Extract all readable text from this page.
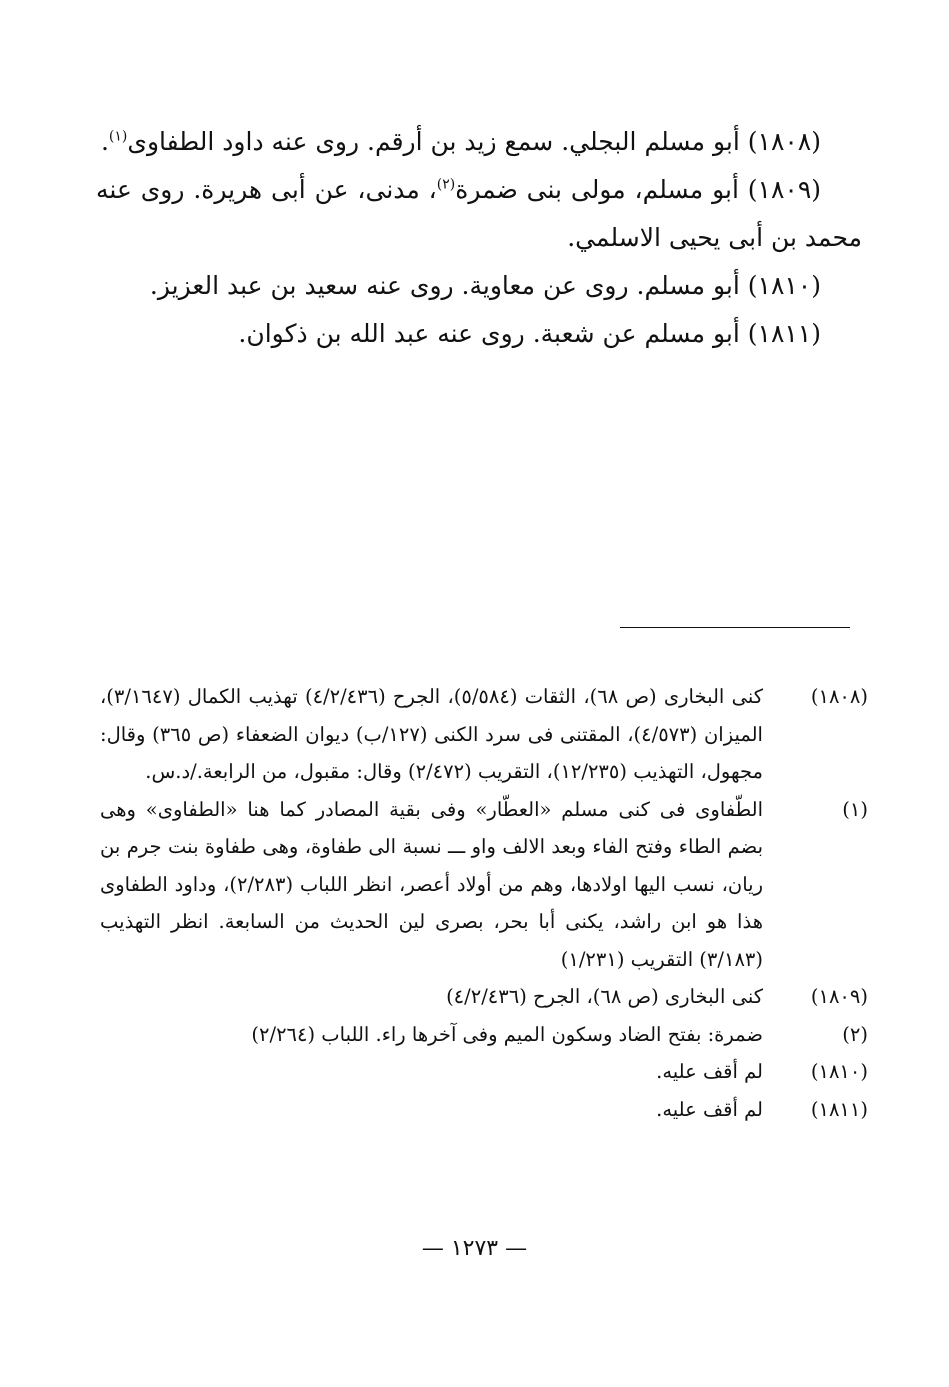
(١٨٠٨) أبو مسلم البجلي. سمع زيد بن أرقم. روى عنه داود الطفاوى$^{(١)}$.

(١٨٠٩) أبو مسلم، مولى بنى ضمرة$^{(٢)}$، مدنى، عن أبى هريرة. روى عنه محمد بن أبى يحيى الاسلمي.

(١٨١٠) أبو مسلم. روى عن معاوية. روى عنه سعيد بن عبد العزيز.

(١٨١١) أبو مسلم عن شعبة. روى عنه عبد الله بن ذكوان.

(١٨٠٨)
كنى البخارى (ص ٦٨)، الثقات (٥/٥٨٤)، الجرح (٤/٢/٤٣٦) تهذيب الكمال (٣/١٦٤٧)، الميزان (٤/٥٧٣)، المقتنى فى سرد الكنى (١٢٧/ب) ديوان الضعفاء (ص ٣٦٥) وقال: مجهول، التهذيب (١٢/٢٣٥)، التقريب (٢/٤٧٢) وقال: مقبول، من الرابعة./د.س.
(١)
الطّفاوى فى كنى مسلم «العطّار» وفى بقية المصادر كما هنا «الطفاوى» وهى بضم الطاء وفتح الفاء وبعد الالف واو ـــ نسبة الى طفاوة، وهى طفاوة بنت جرم بن ريان، نسب اليها اولادها، وهم من أولاد أعصر، انظر اللباب (٢/٢٨٣)، وداود الطفاوى هذا هو ابن راشد، يكنى أبا بحر، بصرى لين الحديث من السابعة. انظر التهذيب (٣/١٨٣) التقريب (١/٢٣١)
(١٨٠٩)
كنى البخارى (ص ٦٨)، الجرح (٤/٢/٤٣٦)
(٢)
ضمرة: بفتح الضاد وسكون الميم وفى آخرها راء. اللباب (٢/٢٦٤)
(١٨١٠)
لم أقف عليه.
(١٨١١)
لم أقف عليه.
— ١٢٧٣ —
